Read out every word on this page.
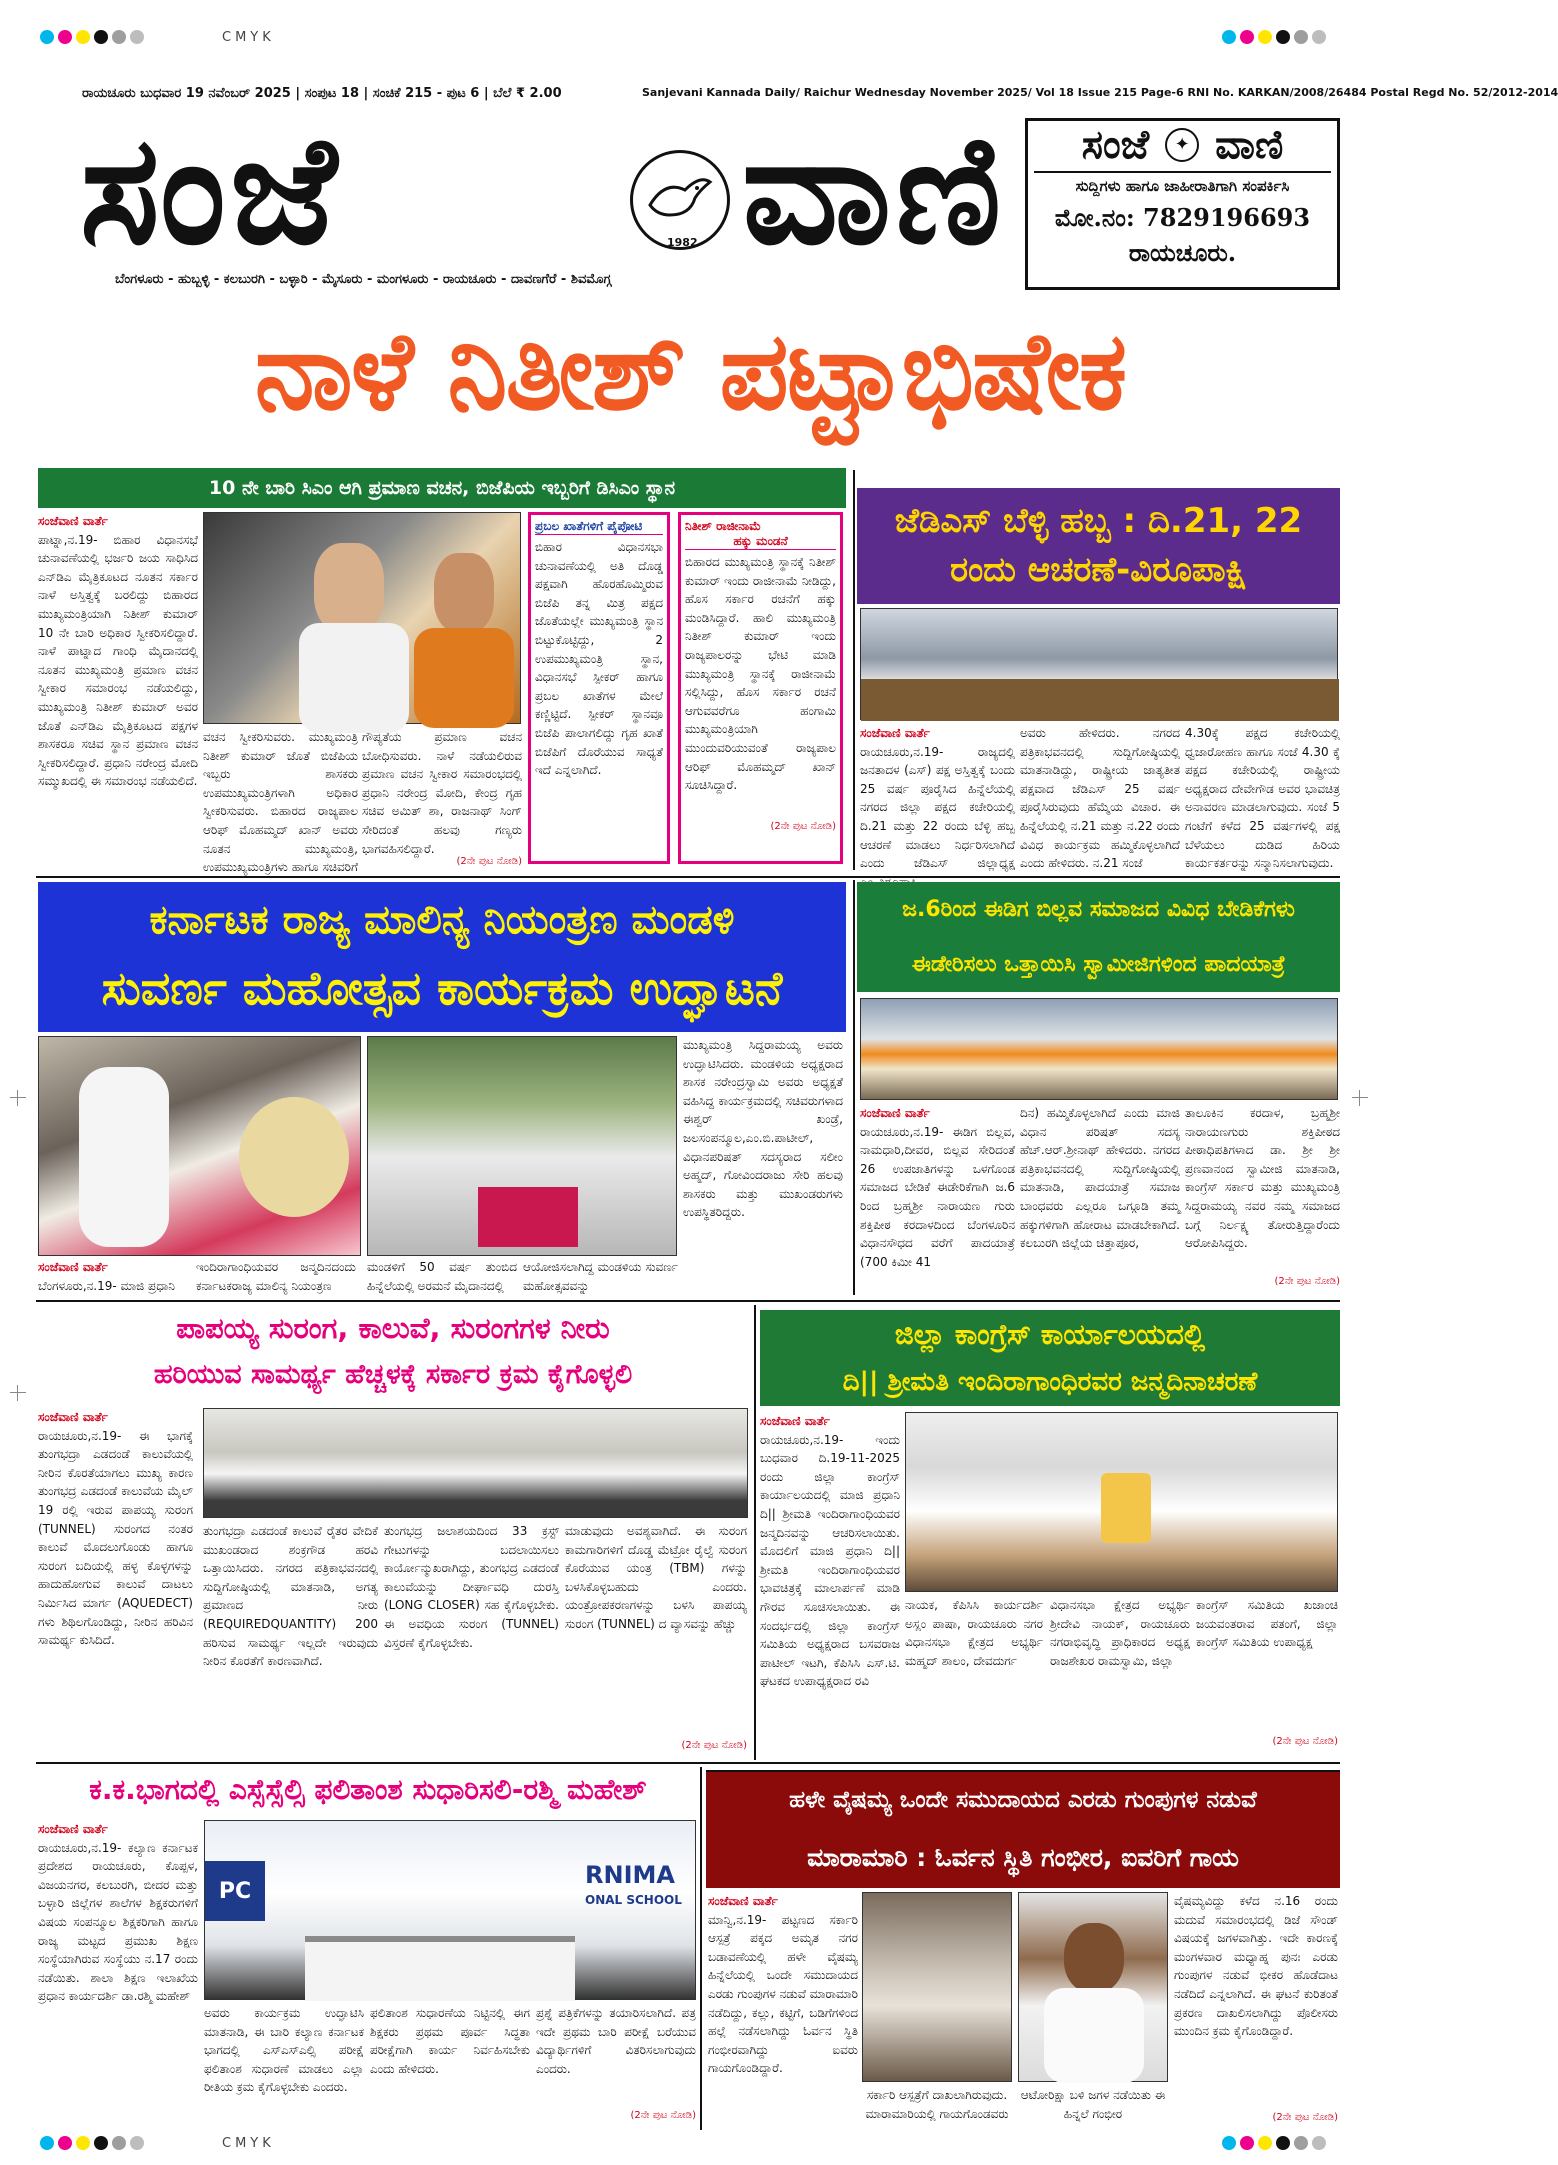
CMYK
ರಾಯಚೂರು ಬುಧವಾರ 19 ನವೆಂಬರ್ 2025 | ಸಂಪುಟ 18 | ಸಂಚಿಕೆ 215 - ಪುಟ 6 | ಬೆಲೆ ₹ 2.00	Sanjevani Kannada Daily/ Raichur Wednesday November 2025/ Vol 18 Issue 215 Page-6 RNI No. KARKAN/2008/26484 Postal Regd No. 52/2012-2014
ಸಂಜೆ	1982 ವಾಣಿ
ಬೆಂಗಳೂರು - ಹುಬ್ಬಳ್ಳಿ - ಕಲಬುರಗಿ - ಬಳ್ಳಾರಿ - ಮೈಸೂರು - ಮಂಗಳೂರು - ರಾಯಚೂರು - ದಾವಣಗೆರೆ - ಶಿವಮೊಗ್ಗ
ಸಂಜೆ	✦ ವಾಣಿ
ಸುದ್ದಿಗಳು ಹಾಗೂ ಜಾಹೀರಾತಿಗಾಗಿ ಸಂಪರ್ಕಿಸಿ
ಮೋ.ನಂ: 7829196693
ರಾಯಚೂರು.
ನಾಳೆ ನಿತೀಶ್ ಪಟ್ಟಾಭಿಷೇಕ
10 ನೇ ಬಾರಿ ಸಿಎಂ ಆಗಿ ಪ್ರಮಾಣ ವಚನ, ಬಿಜೆಪಿಯ ಇಬ್ಬರಿಗೆ ಡಿಸಿಎಂ ಸ್ಥಾನ
ಸಂಜೆವಾಣಿ ವಾರ್ತೆ
ಪಾಟ್ನಾ,ನ.19- ಬಿಹಾರ ವಿಧಾನಸಭೆ ಚುನಾವಣೆಯಲ್ಲಿ ಭರ್ಜರಿ ಜಯ ಸಾಧಿಸಿದ ಎನ್‌ಡಿಎ ಮೈತ್ರಿಕೂಟದ ನೂತನ ಸರ್ಕಾರ ನಾಳೆ ಅಸ್ತಿತ್ವಕ್ಕೆ ಬರಲಿದ್ದು ಬಿಹಾರದ ಮುಖ್ಯಮಂತ್ರಿಯಾಗಿ ನಿತೀಶ್ ಕುಮಾರ್ 10 ನೇ ಬಾರಿ ಅಧಿಕಾರ ಸ್ವೀಕರಿಸಲಿದ್ದಾರೆ. ನಾಳೆ ಪಾಟ್ನಾದ ಗಾಂಧಿ ಮೈದಾನದಲ್ಲಿ ನೂತನ ಮುಖ್ಯಮಂತ್ರಿ ಪ್ರಮಾಣ ವಚನ ಸ್ವೀಕಾರ ಸಮಾರಂಭ ನಡೆಯಲಿದ್ದು, ಮುಖ್ಯಮಂತ್ರಿ ನಿತೀಶ್ ಕುಮಾರ್ ಅವರ ಜೊತೆ ಎನ್‌ಡಿಎ ಮೈತ್ರಿಕೂಟದ ಪಕ್ಷಗಳ ಶಾಸಕರೂ ಸಚಿವ ಸ್ಥಾನ ಪ್ರಮಾಣ ವಚನ ಸ್ವೀಕರಿಸಲಿದ್ದಾರೆ. ಪ್ರಧಾನಿ ನರೇಂದ್ರ ಮೋದಿ ಸಮ್ಮುಖದಲ್ಲಿ ಈ ಸಮಾರಂಭ ನಡೆಯಲಿದೆ.
ವಚನ ಸ್ವೀಕರಿಸುವರು. ಮುಖ್ಯಮಂತ್ರಿ ನಿತೀಶ್ ಕುಮಾರ್ ಜೊತೆ ಬಿಜೆಪಿಯ ಇಬ್ಬರು ಶಾಸಕರು ಉಪಮುಖ್ಯಮಂತ್ರಿಗಳಾಗಿ ಅಧಿಕಾರ ಸ್ವೀಕರಿಸುವರು. ಬಿಹಾರದ ರಾಜ್ಯಪಾಲ ಆರಿಫ್ ಮೊಹಮ್ಮದ್ ಖಾನ್ ಅವರು ನೂತನ ಮುಖ್ಯಮಂತ್ರಿ, ಉಪಮುಖ್ಯಮಂತ್ರಿಗಳು ಹಾಗೂ ಸಚಿವರಿಗೆ
ಗೌಪ್ಯತೆಯ ಪ್ರಮಾಣ ವಚನ ಬೋಧಿಸುವರು. ನಾಳೆ ನಡೆಯಲಿರುವ ಪ್ರಮಾಣ ವಚನ ಸ್ವೀಕಾರ ಸಮಾರಂಭದಲ್ಲಿ ಪ್ರಧಾನಿ ನರೇಂದ್ರ ಮೋದಿ, ಕೇಂದ್ರ ಗೃಹ ಸಚಿವ ಅಮಿತ್ ಶಾ, ರಾಜನಾಥ್ ಸಿಂಗ್ ಸೇರಿದಂತೆ ಹಲವು ಗಣ್ಯರು ಭಾಗವಹಿಸಲಿದ್ದಾರೆ.
(2ನೇ ಪುಟ ನೋಡಿ)
ಪ್ರಬಲ ಖಾತೆಗಳಿಗೆ ಪೈಪೋಟಿ
ಬಿಹಾರ ವಿಧಾನಸಭಾ ಚುನಾವಣೆಯಲ್ಲಿ ಅತಿ ದೊಡ್ಡ ಪಕ್ಷವಾಗಿ ಹೊರಹೊಮ್ಮಿರುವ ಬಿಜೆಪಿ ತನ್ನ ಮಿತ್ರ ಪಕ್ಷದ ಜೊತೆಯಲ್ಲೇ ಮುಖ್ಯಮಂತ್ರಿ ಸ್ಥಾನ ಬಿಟ್ಟುಕೊಟ್ಟಿದ್ದು, 2 ಉಪಮುಖ್ಯಮಂತ್ರಿ ಸ್ಥಾನ, ವಿಧಾನಸಭೆ ಸ್ಪೀಕರ್ ಹಾಗೂ ಪ್ರಬಲ ಖಾತೆಗಳ ಮೇಲೆ ಕಣ್ಣಿಟ್ಟಿದೆ. ಸ್ಪೀಕರ್ ಸ್ಥಾನವೂ ಬಿಜೆಪಿ ಪಾಲಾಗಲಿದ್ದು ಗೃಹ ಖಾತೆ ಬಿಜೆಪಿಗೆ ದೊರೆಯುವ ಸಾಧ್ಯತೆ ಇದೆ ಎನ್ನಲಾಗಿದೆ.
ನಿತೀಶ್ ರಾಜೀನಾಮೆ
ಹಕ್ಕು ಮಂಡನೆ
ಬಿಹಾರದ ಮುಖ್ಯಮಂತ್ರಿ ಸ್ಥಾನಕ್ಕೆ ನಿತೀಶ್ ಕುಮಾರ್ ಇಂದು ರಾಜೀನಾಮೆ ನೀಡಿದ್ದು, ಹೊಸ ಸರ್ಕಾರ ರಚನೆಗೆ ಹಕ್ಕು ಮಂಡಿಸಿದ್ದಾರೆ. ಹಾಲಿ ಮುಖ್ಯಮಂತ್ರಿ ನಿತೀಶ್ ಕುಮಾರ್ ಇಂದು ರಾಜ್ಯಪಾಲರನ್ನು ಭೇಟಿ ಮಾಡಿ ಮುಖ್ಯಮಂತ್ರಿ ಸ್ಥಾನಕ್ಕೆ ರಾಜೀನಾಮೆ ಸಲ್ಲಿಸಿದ್ದು, ಹೊಸ ಸರ್ಕಾರ ರಚನೆ ಆಗುವವರೆಗೂ ಹಂಗಾಮಿ ಮುಖ್ಯಮಂತ್ರಿಯಾಗಿ ಮುಂದುವರಿಯುವಂತೆ ರಾಜ್ಯಪಾಲ ಆರಿಫ್ ಮೊಹಮ್ಮದ್ ಖಾನ್ ಸೂಚಿಸಿದ್ದಾರೆ.
(2ನೇ ಪುಟ ನೋಡಿ)
ಜೆಡಿಎಸ್ ಬೆಳ್ಳಿ ಹಬ್ಬ : ದಿ.21, 22 ರಂದು ಆಚರಣೆ-ವಿರೂಪಾಕ್ಷಿ
ಸಂಜೆವಾಣಿ ವಾರ್ತೆ
ರಾಯಚೂರು,ನ.19- ರಾಜ್ಯದಲ್ಲಿ ಜನತಾದಳ (ಎಸ್) ಪಕ್ಷ ಅಸ್ತಿತ್ವಕ್ಕೆ ಬಂದು 25 ವರ್ಷ ಪೂರೈಸಿದ ಹಿನ್ನೆಲೆಯಲ್ಲಿ ನಗರದ ಜಿಲ್ಲಾ ಪಕ್ಷದ ಕಚೇರಿಯಲ್ಲಿ ದಿ.21 ಮತ್ತು 22 ರಂದು ಬೆಳ್ಳಿ ಹಬ್ಬ ಆಚರಣೆ ಮಾಡಲು ನಿರ್ಧರಿಸಲಾಗಿದೆ ಎಂದು ಜೆಡಿಎಸ್ ಜಿಲ್ಲಾಧ್ಯಕ್ಷ
ಅವರು ಹೇಳಿದರು. ನಗರದ ಪತ್ರಿಕಾಭವನದಲ್ಲಿ ಸುದ್ದಿಗೋಷ್ಠಿಯಲ್ಲಿ ಮಾತನಾಡಿದ್ದು, ರಾಷ್ಟ್ರೀಯ ಜಾತ್ಯತೀತ ಪಕ್ಷವಾದ ಜೆಡಿಎಸ್ 25 ವರ್ಷ ಪೂರೈಸಿರುವುದು ಹೆಮ್ಮೆಯ ವಿಚಾರ. ಈ ಹಿನ್ನೆಲೆಯಲ್ಲಿ ನ.21 ಮತ್ತು ನ.22 ರಂದು ವಿವಿಧ ಕಾರ್ಯಕ್ರಮ ಹಮ್ಮಿಕೊಳ್ಳಲಾಗಿದೆ ಎಂದು ಹೇಳಿದರು. ನ.21 ಸಂಜೆ
4.30ಕ್ಕೆ ಪಕ್ಷದ ಕಚೇರಿಯಲ್ಲಿ ಧ್ವಜಾರೋಹಣ ಹಾಗೂ ಸಂಜೆ 4.30 ಕ್ಕೆ ಪಕ್ಷದ ಕಚೇರಿಯಲ್ಲಿ ರಾಷ್ಟ್ರೀಯ ಅಧ್ಯಕ್ಷರಾದ ದೇವೇಗೌಡ ಅವರ ಭಾವಚಿತ್ರ ಅನಾವರಣ ಮಾಡಲಾಗುವುದು. ಸಂಜೆ 5 ಗಂಟೆಗೆ ಕಳೆದ 25 ವರ್ಷಗಳಲ್ಲಿ ಪಕ್ಷ ಬೆಳೆಯಲು ದುಡಿದ ಹಿರಿಯ ಕಾರ್ಯಕರ್ತರನ್ನು ಸನ್ಮಾನಿಸಲಾಗುವುದು.
ಕರ್ನಾಟಕ ರಾಜ್ಯ ಮಾಲಿನ್ಯ ನಿಯಂತ್ರಣ ಮಂಡಳಿ
ಸುವರ್ಣ ಮಹೋತ್ಸವ ಕಾರ್ಯಕ್ರಮ ಉದ್ಘಾಟನೆ
ಮುಖ್ಯಮಂತ್ರಿ ಸಿದ್ದರಾಮಯ್ಯ ಅವರು ಉದ್ಘಾಟಿಸಿದರು. ಮಂಡಳಿಯ ಅಧ್ಯಕ್ಷರಾದ ಶಾಸಕ ನರೇಂದ್ರಸ್ವಾಮಿ ಅವರು ಅಧ್ಯಕ್ಷತೆ ವಹಿಸಿದ್ದ ಕಾರ್ಯಕ್ರಮದಲ್ಲಿ ಸಚಿವರುಗಳಾದ ಈಶ್ವರ್ ಖಂಡ್ರೆ, ಜಲಸಂಪನ್ಮೂಲ,ಎಂ.ಬಿ.ಪಾಟೀಲ್, ವಿಧಾನಪರಿಷತ್ ಸದಸ್ಯರಾದ ಸಲೀಂ ಅಹ್ಮದ್, ಗೋವಿಂದರಾಜು ಸೇರಿ ಹಲವು ಶಾಸಕರು ಮತ್ತು ಮುಖಂಡರುಗಳು ಉಪಸ್ಥಿತರಿದ್ದರು.
ಸಂಜೆವಾಣಿ ವಾರ್ತೆ
ಬೆಂಗಳೂರು,ನ.19- ಮಾಜಿ ಪ್ರಧಾನಿ
ಇಂದಿರಾಗಾಂಧಿಯವರ ಜನ್ಮದಿನದಂದು ಕರ್ನಾಟಕರಾಜ್ಯ ಮಾಲಿನ್ಯ ನಿಯಂತ್ರಣ
ಮಂಡಳಿಗೆ 50 ವರ್ಷ ತುಂಬಿದ ಹಿನ್ನೆಲೆಯಲ್ಲಿ ಅರಮನೆ ಮೈದಾನದಲ್ಲಿ
ಆಯೋಜಿಸಲಾಗಿದ್ದ ಮಂಡಳಿಯ ಸುವರ್ಣ ಮಹೋತ್ಸವವನ್ನು
ಜ.6ರಿಂದ ಈಡಿಗ ಬಿಲ್ಲವ ಸಮಾಜದ ವಿವಿಧ ಬೇಡಿಕೆಗಳು
ಈಡೇರಿಸಲು ಒತ್ತಾಯಿಸಿ ಸ್ವಾಮೀಜಿಗಳಿಂದ ಪಾದಯಾತ್ರೆ
ಸಂಜೆವಾಣಿ ವಾರ್ತೆ
ರಾಯಚೂರು,ನ.19- ಈಡಿಗ ಬಿಲ್ಲವ, ನಾಮಧಾರಿ,ದೀವರ, ಬಿಲ್ಲವ ಸೇರಿದಂತೆ 26 ಉಪಜಾತಿಗಳನ್ನು ಒಳಗೊಂಡ ಸಮಾಜದ ಬೇಡಿಕೆ ಈಡೇರಿಕೆಗಾಗಿ ಜ.6 ರಿಂದ ಬ್ರಹ್ಮಶ್ರೀ ನಾರಾಯಣ ಗುರು ಶಕ್ತಿಪೀಠ ಕರದಾಳದಿಂದ ಬೆಂಗಳೂರಿನ ವಿಧಾನಸೌಧದ ವರೆಗೆ ಪಾದಯಾತ್ರೆ (700 ಕಿಮೀ 41
ದಿನ) ಹಮ್ಮಿಕೊಳ್ಳಲಾಗಿದೆ ಎಂದು ಮಾಜಿ ವಿಧಾನ ಪರಿಷತ್ ಸದಸ್ಯ ಹೆಚ್.ಆರ್.ಶ್ರೀನಾಥ್ ಹೇಳಿದರು. ನಗರದ ಪತ್ರಿಕಾಭವನದಲ್ಲಿ ಸುದ್ದಿಗೋಷ್ಠಿಯಲ್ಲಿ ಮಾತನಾಡಿ, ಪಾದಯಾತ್ರೆ ಸಮಾಜ ಬಾಂಧವರು ಎಲ್ಲರೂ ಒಗ್ಗೂಡಿ ತಮ್ಮ ಹಕ್ಕುಗಳಿಗಾಗಿ ಹೋರಾಟ ಮಾಡಬೇಕಾಗಿದೆ. ಕಲಬುರಗಿ ಜಿಲ್ಲೆಯ ಚಿತ್ತಾಪೂರ,
ತಾಲೂಕಿನ ಕರದಾಳ, ಬ್ರಹ್ಮಶ್ರೀ ನಾರಾಯಣಗುರು ಶಕ್ತಿಪೀಠದ ಪೀಠಾಧಿಪತಿಗಳಾದ ಡಾ. ಶ್ರೀ ಶ್ರೀ ಪ್ರಣವಾನಂದ ಸ್ವಾಮೀಜಿ ಮಾತನಾಡಿ, ಕಾಂಗ್ರೆಸ್ ಸರ್ಕಾರ ಮತ್ತು ಮುಖ್ಯಮಂತ್ರಿ ಸಿದ್ದರಾಮಯ್ಯ ನವರ ನಮ್ಮ ಸಮಾಜದ ಬಗ್ಗೆ ನಿರ್ಲಕ್ಷ್ಯ ತೋರುತ್ತಿದ್ದಾರೆಂದು ಆರೋಪಿಸಿದ್ದರು.
(2ನೇ ಪುಟ ನೋಡಿ)
ಪಾಪಯ್ಯ ಸುರಂಗ, ಕಾಲುವೆ, ಸುರಂಗಗಳ ನೀರು
ಹರಿಯುವ ಸಾಮರ್ಥ್ಯ ಹೆಚ್ಚಳಕ್ಕೆ ಸರ್ಕಾರ ಕ್ರಮ ಕೈಗೊಳ್ಳಲಿ
ಸಂಜೆವಾಣಿ ವಾರ್ತೆ
ರಾಯಚೂರು,ನ.19- ಈ ಭಾಗಕ್ಕೆ ತುಂಗಭದ್ರಾ ಎಡದಂಡೆ ಕಾಲುವೆಯಲ್ಲಿ ನೀರಿನ ಕೊರತೆಯಾಗಲು ಮುಖ್ಯ ಕಾರಣ ತುಂಗಭದ್ರ ಎಡದಂಡೆ ಕಾಲುವೆಯ ಮೈಲ್ 19 ರಲ್ಲಿ ಇರುವ ಪಾಪಯ್ಯ ಸುರಂಗ (TUNNEL) ಸುರಂಗದ ನಂತರ ಕಾಲುವೆ ಮೊದಲುಗೊಂಡು ಹಾಗೂ ಸುರಂಗ ಬದಿಯಲ್ಲಿ ಹಳ್ಳ ಕೊಳ್ಳಗಳನ್ನು ಹಾದುಹೋಗುವ ಕಾಲುವೆ ದಾಟಲು ನಿರ್ಮಿಸಿದ ಮಾರ್ಗ (AQUEDECT) ಗಳು ಶಿಥಿಲಗೊಂಡಿದ್ದು, ನೀರಿನ ಹರಿವಿನ ಸಾಮರ್ಥ್ಯ ಕುಸಿದಿದೆ.
ತುಂಗಭದ್ರಾ ಎಡದಂಡೆ ಕಾಲುವೆ ರೈತರ ವೇದಿಕೆ ಮುಖಂಡರಾದ ಶಂಕ್ರಗೌಡ ಹರವಿ ಒತ್ತಾಯಿಸಿದರು. ನಗರದ ಪತ್ರಿಕಾಭವನದಲ್ಲಿ ಸುದ್ದಿಗೋಷ್ಠಿಯಲ್ಲಿ ಮಾತನಾಡಿ, ಅಗತ್ಯ ಪ್ರಮಾಣದ ನೀರು (REQUIREDQUANTITY) 200 ಹರಿಸುವ ಸಾಮರ್ಥ್ಯ ಇಲ್ಲದೇ ಇರುವುದು ನೀರಿನ ಕೊರತೆಗೆ ಕಾರಣವಾಗಿದೆ.
ತುಂಗಭದ್ರ ಜಲಾಶಯದಿಂದ 33 ಕ್ರಸ್ಟ್ ಗೇಟುಗಳನ್ನು ಬದಲಾಯಿಸಲು ಕಾರ್ಯೋನ್ಮುಖರಾಗಿದ್ದು, ತುಂಗಭದ್ರ ಎಡದಂಡೆ ಕಾಲುವೆಯನ್ನು ದೀರ್ಘಾವಧಿ ದುರಸ್ತಿ (LONG CLOSER) ಸಹ ಕೈಗೊಳ್ಳಬೇಕು. ಈ ಅವಧಿಯ ಸುರಂಗ (TUNNEL) ವಿಸ್ತರಣೆ ಕೈಗೊಳ್ಳಬೇಕು.
ಮಾಡುವುದು ಅವಶ್ಯವಾಗಿದೆ. ಈ ಸುರಂಗ ಕಾಮಗಾರಿಗಳಿಗೆ ದೊಡ್ಡ ಮೆಟ್ರೋ ರೈಲ್ವೆ ಸುರಂಗ ಕೊರೆಯುವ ಯಂತ್ರ (TBM) ಗಳನ್ನು ಬಳಸಿಕೊಳ್ಳಬಹುದು ಎಂದರು. ಯಂತ್ರೋಪಕರಣಗಳನ್ನು ಬಳಸಿ ಪಾಪಯ್ಯ ಸುರಂಗ (TUNNEL) ದ ವ್ಯಾಸವನ್ನು ಹೆಚ್ಚು
(2ನೇ ಪುಟ ನೋಡಿ)
ಜಿಲ್ಲಾ ಕಾಂಗ್ರೆಸ್ ಕಾರ್ಯಾಲಯದಲ್ಲಿ
ದಿ|| ಶ್ರೀಮತಿ ಇಂದಿರಾಗಾಂಧಿರವರ ಜನ್ಮದಿನಾಚರಣೆ
ಸಂಜೆವಾಣಿ ವಾರ್ತೆ
ರಾಯಚೂರು,ನ.19- ಇಂದು ಬುಧವಾರ ದಿ.19-11-2025 ರಂದು ಜಿಲ್ಲಾ ಕಾಂಗ್ರೆಸ್ ಕಾರ್ಯಾಲಯದಲ್ಲಿ ಮಾಜಿ ಪ್ರಧಾನಿ ದಿ|| ಶ್ರೀಮತಿ ಇಂದಿರಾಗಾಂಧಿಯವರ ಜನ್ಮದಿನವನ್ನು ಆಚರಿಸಲಾಯಿತು. ಮೊದಲಿಗೆ ಮಾಜಿ ಪ್ರಧಾನಿ ದಿ|| ಶ್ರೀಮತಿ ಇಂದಿರಾಗಾಂಧಿಯವರ ಭಾವಚಿತ್ರಕ್ಕೆ ಮಾಲಾರ್ಪಣೆ ಮಾಡಿ ಗೌರವ ಸೂಚಿಸಲಾಯಿತು. ಈ ಸಂದರ್ಭದಲ್ಲಿ ಜಿಲ್ಲಾ ಕಾಂಗ್ರೆಸ್ ಸಮಿತಿಯ ಅಧ್ಯಕ್ಷರಾದ ಬಸವರಾಜ ಪಾಟೀಲ್ ಇಟಗಿ, ಕೆಪಿಸಿಸಿ ಎಸ್.ಟಿ. ಘಟಕದ ಉಪಾಧ್ಯಕ್ಷರಾದ ರವಿ
ನಾಯಕ, ಕೆಪಿಸಿಸಿ ಕಾರ್ಯದರ್ಶಿ ಅಸ್ಲಂ ಪಾಷಾ, ರಾಯಚೂರು ನಗರ ವಿಧಾನಸಭಾ ಕ್ಷೇತ್ರದ ಅಭ್ಯರ್ಥಿ ಮಹ್ಮದ್ ಶಾಲಂ, ದೇವದುರ್ಗ
ವಿಧಾನಸಭಾ ಕ್ಷೇತ್ರದ ಅಭ್ಯರ್ಥಿ ಶ್ರೀದೇವಿ ನಾಯಕ್, ರಾಯಚೂರು ನಗರಾಭಿವೃದ್ಧಿ ಪ್ರಾಧಿಕಾರದ ಅಧ್ಯಕ್ಷ ರಾಜಶೇಖರ ರಾಮಸ್ವಾಮಿ, ಜಿಲ್ಲಾ
ಕಾಂಗ್ರೆಸ್ ಸಮಿತಿಯ ಖಜಾಂಚಿ ಜಯವಂತರಾವ ಪತಂಗೆ, ಜಿಲ್ಲಾ ಕಾಂಗ್ರೆಸ್ ಸಮಿತಿಯ ಉಪಾಧ್ಯಕ್ಷ
(2ನೇ ಪುಟ ನೋಡಿ)
ಕ.ಕ.ಭಾಗದಲ್ಲಿ ಎಸ್ಸೆಸ್ಸೆಲ್ಸಿ ಫಲಿತಾಂಶ ಸುಧಾರಿಸಲಿ-ರಶ್ಮಿ ಮಹೇಶ್
ಸಂಜೆವಾಣಿ ವಾರ್ತೆ
ರಾಯಚೂರು,ನ.19- ಕಲ್ಯಾಣ ಕರ್ನಾಟಕ ಪ್ರದೇಶದ ರಾಯಚೂರು, ಕೊಪ್ಪಳ, ವಿಜಯನಗರ, ಕಲಬುರಗಿ, ಬೀದರ ಮತ್ತು ಬಳ್ಳಾರಿ ಜಿಲ್ಲೆಗಳ ಶಾಲೆಗಳ ಶಿಕ್ಷಕರುಗಳಿಗೆ ವಿಷಯ ಸಂಪನ್ಮೂಲ ಶಿಕ್ಷಕರಿಗಾಗಿ ಹಾಗೂ ರಾಜ್ಯ ಮಟ್ಟದ ಪ್ರಮುಖ ಶಿಕ್ಷಣ ಸಂಸ್ಥೆಯಾಗಿರುವ ಸಂಸ್ಥೆಯು ನ.17 ರಂದು ನಡೆಯಿತು. ಶಾಲಾ ಶಿಕ್ಷಣ ಇಲಾಖೆಯ ಪ್ರಧಾನ ಕಾರ್ಯದರ್ಶಿ ಡಾ.ರಶ್ಮಿ ಮಹೇಶ್
PC
RNIMA
ONAL SCHOOL
ಅವರು ಕಾರ್ಯಕ್ರಮ ಉದ್ಘಾಟಿಸಿ ಮಾತನಾಡಿ, ಈ ಬಾರಿ ಕಲ್ಯಾಣ ಕರ್ನಾಟಕ ಭಾಗದಲ್ಲಿ ಎಸ್ಎಸ್ಎಲ್ಸಿ ಪರೀಕ್ಷೆ ಫಲಿತಾಂಶ ಸುಧಾರಣೆ ಮಾಡಲು ಎಲ್ಲಾ ರೀತಿಯ ಕ್ರಮ ಕೈಗೊಳ್ಳಬೇಕು ಎಂದರು.
ಫಲಿತಾಂಶ ಸುಧಾರಣೆಯ ನಿಟ್ಟಿನಲ್ಲಿ ಈಗ ಶಿಕ್ಷಕರು ಪ್ರಥಮ ಪೂರ್ವ ಸಿದ್ಧತಾ ಪರೀಕ್ಷೆಗಾಗಿ ಕಾರ್ಯ ನಿರ್ವಹಿಸಬೇಕು ಎಂದು ಹೇಳಿದರು.
ಪ್ರಶ್ನೆ ಪತ್ರಿಕೆಗಳನ್ನು ತಯಾರಿಸಲಾಗಿದೆ. ಪತ್ರ ಇದೇ ಪ್ರಥಮ ಬಾರಿ ಪರೀಕ್ಷೆ ಬರೆಯುವ ವಿದ್ಯಾರ್ಥಿಗಳಿಗೆ ವಿತರಿಸಲಾಗುವುದು ಎಂದರು.
(2ನೇ ಪುಟ ನೋಡಿ)
ಹಳೇ ವೈಷಮ್ಯ ಒಂದೇ ಸಮುದಾಯದ ಎರಡು ಗುಂಪುಗಳ ನಡುವೆ
ಮಾರಾಮಾರಿ : ಓರ್ವನ ಸ್ಥಿತಿ ಗಂಭೀರ, ಐವರಿಗೆ ಗಾಯ
ಸಂಜೆವಾಣಿ ವಾರ್ತೆ
ಮಾನ್ವಿ,ನ.19- ಪಟ್ಟಣದ ಸರ್ಕಾರಿ ಆಸ್ಪತ್ರೆ ಪಕ್ಕದ ಅಮೃತ ನಗರ ಬಡಾವಣೆಯಲ್ಲಿ ಹಳೇ ವೈಷಮ್ಯ ಹಿನ್ನೆಲೆಯಲ್ಲಿ ಒಂದೇ ಸಮುದಾಯದ ಎರಡು ಗುಂಪುಗಳ ನಡುವೆ ಮಾರಾಮಾರಿ ನಡೆದಿದ್ದು, ಕಲ್ಲು, ಕಟ್ಟಿಗೆ, ಬಡಿಗೆಗಳಿಂದ ಹಲ್ಲೆ ನಡೆಸಲಾಗಿದ್ದು ಓರ್ವನ ಸ್ಥಿತಿ ಗಂಭೀರವಾಗಿದ್ದು ಐವರು ಗಾಯಗೊಂಡಿದ್ದಾರೆ.
ಸರ್ಕಾರಿ ಆಸ್ಪತ್ರೆಗೆ ದಾಖಲಾಗಿರುವುದು. ಮಾರಾಮಾರಿಯಲ್ಲಿ ಗಾಯಗೊಂಡವರು
ಆಟೋರಿಕ್ಷಾ ಬಳಿ ಜಗಳ ನಡೆಯಿತು ಈ ಹಿನ್ನಲೆ ಗಂಭೀರ
ವೈಷಮ್ಯವಿದ್ದು ಕಳೆದ ನ.16 ರಂದು ಮದುವೆ ಸಮಾರಂಭದಲ್ಲಿ ಡಿಜೆ ಸೌಂಡ್ ವಿಷಯಕ್ಕೆ ಜಗಳವಾಗಿತ್ತು. ಇದೇ ಕಾರಣಕ್ಕೆ ಮಂಗಳವಾರ ಮಧ್ಯಾಹ್ನ ಪುನಃ ಎರಡು ಗುಂಪುಗಳ ನಡುವೆ ಭೀಕರ ಹೊಡೆದಾಟ ನಡೆದಿದೆ ಎನ್ನಲಾಗಿದೆ. ಈ ಘಟನೆ ಕುರಿತಂತೆ ಪ್ರಕರಣ ದಾಖಲಿಸಲಾಗಿದ್ದು ಪೊಲೀಸರು ಮುಂದಿನ ಕ್ರಮ ಕೈಗೊಂಡಿದ್ದಾರೆ.
(2ನೇ ಪುಟ ನೋಡಿ)
CMYK
